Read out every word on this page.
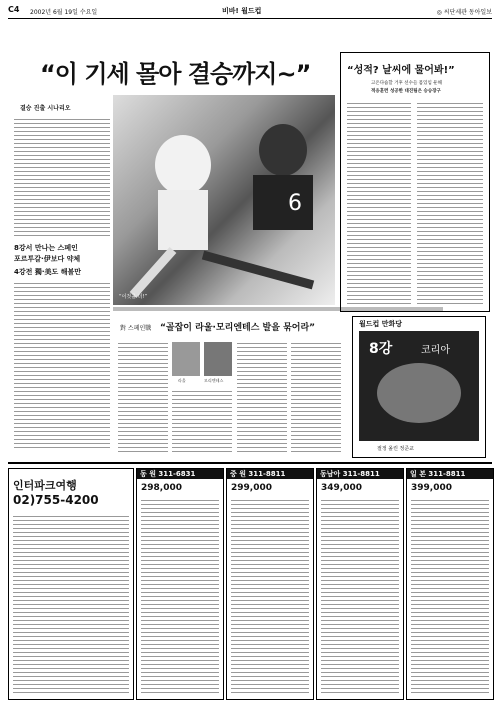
C4 2002년 6월 19일 수요일	비바! 월드컵	◎ 씨단세관 동아일보
“이 기세 몰아 결승까지~”
결승 진출 시나리오
8강서 만나는 스페인
포르투갈·伊보다 약체
4강전 獨·美도 해볼만
6
“이것을 더!”
“성적? 날씨에 물어봐!”
고온다습할 거후 선수들 몸있임 둔해
적응훈련 성공한 대진팀은 승승장구
對 스페인戰 “골잡이 라울·모리엔테스 발을 묶어라”
라울	모리엔테스
월드컵 만화당
8강	코리아
절정 올린 정준교
인터파크여행
02)755-4200
동 원 311-6831
298,000
중 원 311-8811
299,000
동남아 311-8811
349,000
일 본 311-8811
399,000
